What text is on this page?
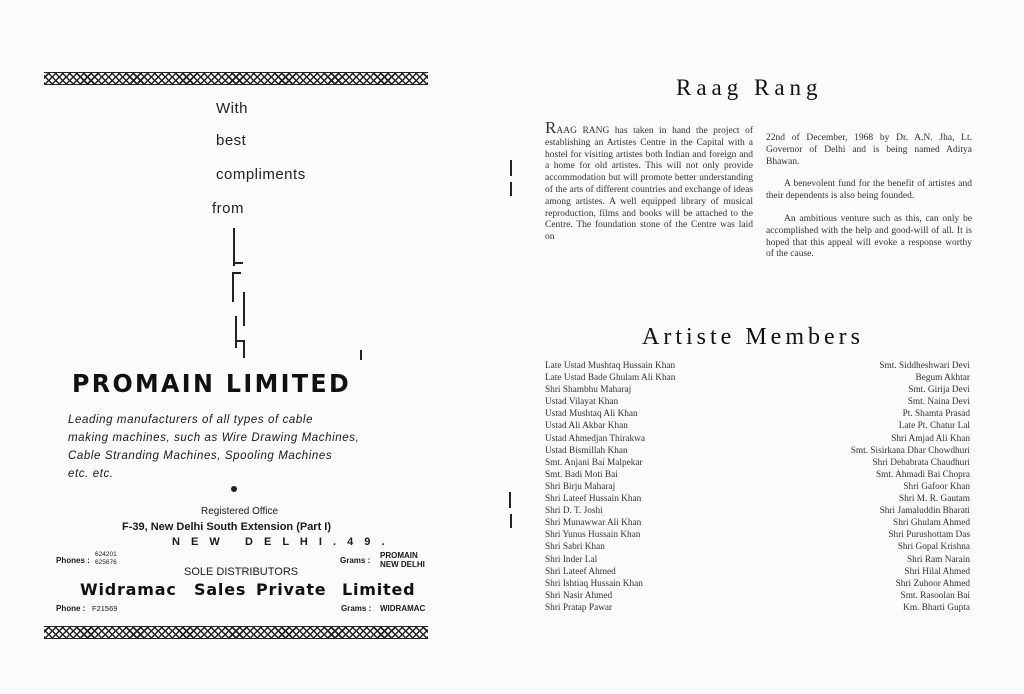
With
best
compliments
from
PROMAIN LIMITED
Leading manufacturers of all types of cable
making machines, such as Wire Drawing Machines,
Cable Stranding Machines, Spooling Machines
etc. etc.
Registered Office
F-39, New Delhi South Extension (Part I)
N E W   D E L H I . 4 9 .
Phones :
624201
625676	Grams :
PROMAIN
NEW DELHI
SOLE DISTRIBUTORS
Widramac Sales Private Limited
Phone : F21569	Grams : WIDRAMAC
Raag Rang

RAAG RANG has taken in hand the project of establishing an Artistes Centre in the Capital with a hostel for visiting artistes both Indian and foreign and a home for old artistes. This will not only provide accommodation but will promote better understanding of the arts of different countries and exchange of ideas among artistes. A well equipped library of musical reproduction, films and books will be attached to the Centre. The foundation stone of the Centre was laid on

22nd of December, 1968 by Dr. A.N. Jha, Lt. Governor of Delhi and is being named Aditya Bhawan.

A benevolent fund for the benefit of artistes and their dependents is also being founded.

An ambitious venture such as this, can only be accomplished with the help and good-will of all. It is hoped that this appeal will evoke a response worthy of the cause.

Artiste Members
Late Ustad Mushtaq Hussain Khan
Late Ustad Bade Ghulam Ali Khan
Shri Shambhu Maharaj
Ustad Vilayat Khan
Ustad Mushtaq Ali Khan
Ustad Ali Akbar Khan
Ustad Ahmedjan Thirakwa
Ustad Bismillah Khan
Smt. Anjani Bai Malpekar
Smt. Badi Moti Bai
Shri Birju Maharaj
Shri Lateef Hussain Khan
Shri D. T. Joshi
Shri Munawwar Ali Khan
Shri Yunus Hussain Khan
Shri Sabri Khan
Shri Inder Lal
Shri Lateef Ahmed
Shri Ishtiaq Hussain Khan
Shri Nasir Ahmed
Shri Pratap Pawar
Smt. Siddheshwari Devi
Begum Akhtar
Smt. Girija Devi
Smt. Naina Devi
Pt. Shamta Prasad
Late Pt. Chatur Lal
Shri Amjad Ali Khan
Smt. Sisirkana Dhar Chowdhuri
Shri Debabrata Chaudhuri
Smt. Ahmadi Bai Chopra
Shri Gafoor Khan
Shri M. R. Gautam
Shri Jamaluddin Bharati
Shri Ghulam Ahmed
Shri Purushottam Das
Shri Gopal Krishna
Shri Ram Narain
Shri Hilal Ahmed
Shri Zuhoor Ahmed
Smt. Rasoolan Bai
Km. Bharti Gupta
